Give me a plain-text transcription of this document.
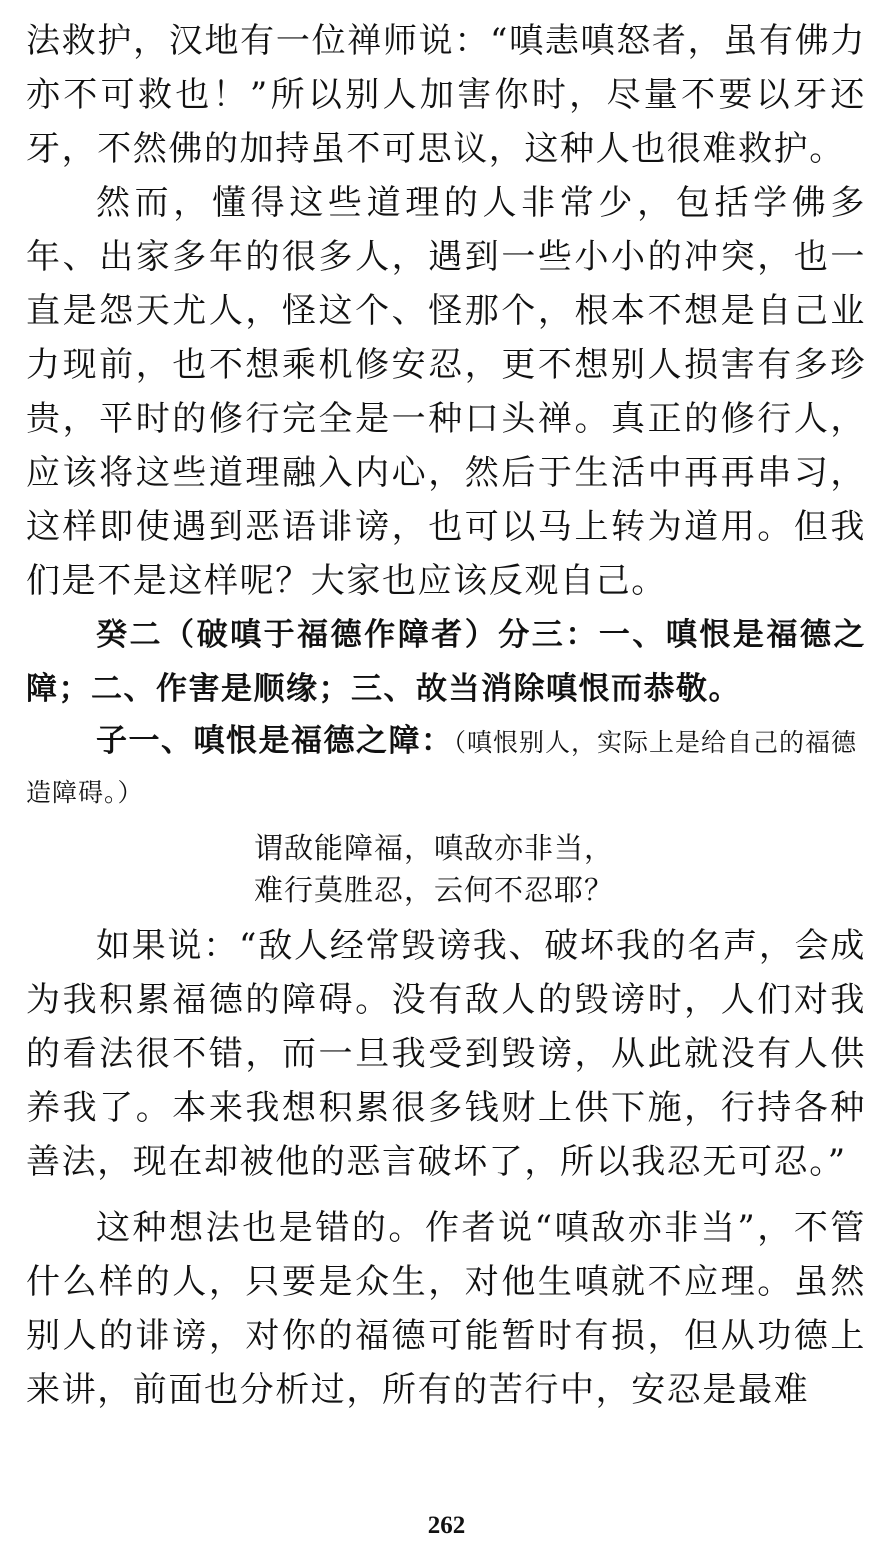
法救护，汉地有一位禅师说：“嗔恚嗔怒者，虽有佛力亦不可救也！”所以别人加害你时，尽量不要以牙还牙，不然佛的加持虽不可思议，这种人也很难救护。

然而，懂得这些道理的人非常少，包括学佛多年、出家多年的很多人，遇到一些小小的冲突，也一直是怨天尤人，怪这个、怪那个，根本不想是自己业力现前，也不想乘机修安忍，更不想别人损害有多珍贵，平时的修行完全是一种口头禅。真正的修行人，应该将这些道理融入内心，然后于生活中再再串习，这样即使遇到恶语诽谤，也可以马上转为道用。但我们是不是这样呢？大家也应该反观自己。

癸二（破嗔于福德作障者）分三：一、嗔恨是福德之障；二、作害是顺缘；三、故当消除嗔恨而恭敬。

子一、嗔恨是福德之障：（嗔恨别人，实际上是给自己的福德造障碍。）

谓敌能障福，嗔敌亦非当，
难行莫胜忍，云何不忍耶？

如果说：“敌人经常毁谤我、破坏我的名声，会成为我积累福德的障碍。没有敌人的毁谤时，人们对我的看法很不错，而一旦我受到毁谤，从此就没有人供养我了。本来我想积累很多钱财上供下施，行持各种善法，现在却被他的恶言破坏了，所以我忍无可忍。”

这种想法也是错的。作者说“嗔敌亦非当”，不管什么样的人，只要是众生，对他生嗔就不应理。虽然别人的诽谤，对你的福德可能暂时有损，但从功德上来讲，前面也分析过，所有的苦行中，安忍是最难

262
